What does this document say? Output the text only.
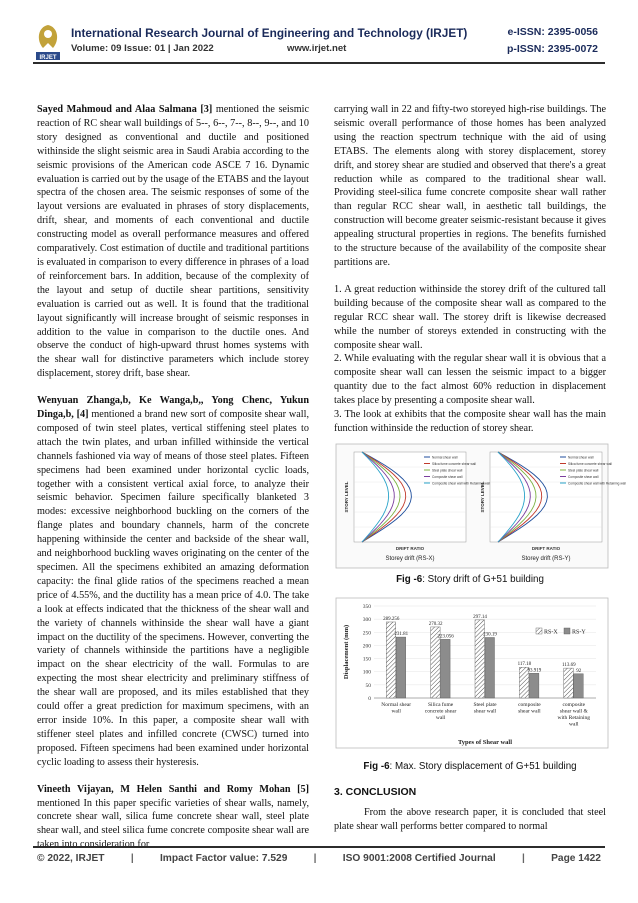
IRJET
International Research Journal of Engineering and Technology (IRJET)	e-ISSN: 2395-0056
Volume: 09 Issue: 01 | Jan 2022	www.irjet.net	p-ISSN: 2395-0072

Sayed Mahmoud and Alaa Salmana [3] mentioned the seismic reaction of RC shear wall buildings of 5--, 6--, 7--, 8--, 9--, and 10 story designed as conventional and ductile and positioned withinside the slight seismic area in Saudi Arabia according to the seismic provisions of the American code ASCE 7 16. Dynamic evaluation is carried out by the usage of the ETABS and the layout spectra of the chosen area. The seismic responses of some of the layout versions are evaluated in phrases of story displacements, drift, shear, and moments of each conventional and ductile constructing model as overall performance measures and offered comparatively. Cost estimation of ductile and traditional partitions is evaluated in comparison to every difference in phrases of a load of reinforcement bars. In addition, because of the complexity of the layout and setup of ductile shear partitions, sensitivity evaluation is carried out as well. It is found that the traditional layout significantly will increase brought of seismic responses in addition to the value in comparison to the ductile ones. And observe the conduct of high-upward thrust homes systems with the shear wall for distinctive parameters which include storey displacement, storey drift, base shear.

Wenyuan Zhanga,b, Ke Wanga,b,, Yong Chenc, Yukun Dinga,b, [4] mentioned a brand new sort of composite shear wall, composed of twin steel plates, vertical stiffening steel plates to attach the twin plates, and urban infilled withinside the vertical channels fashioned via way of means of those steel plates. Fifteen specimens had been examined under horizontal cyclic loads, together with a consistent vertical axial force, to analyze their seismic behavior. Specimen failure specifically blanketed 3 modes: excessive neighborhood buckling on the corners of the flange plates and boundary channels, harm of the concrete happening withinside the center and backside of the shear wall, and neighborhood buckling waves originating on the center of the specimen. All the specimens exhibited an amazing deformation capacity: the final glide ratios of the specimens reached a mean price of 4.55%, and the ductility has a mean price of 4.0. The take a look at effects indicated that the thickness of the shear wall and the variety of channels withinside the shear wall have a giant impact on the ductility of the specimens. However, converting the variety of channels withinside the partitions have a negligible impact on the shear electricity of the wall. Formulas to are expecting the most shear electricity and preliminary stiffness of the shear wall are proposed, and its miles established that they could offer a great prediction for maximum specimens, with an error inside 10%. In this paper, a composite shear wall with stiffener steel plates and infilled concrete (CWSC) turned into proposed. Fifteen specimens had been examined under horizontal cyclic loading to assess their hysteresis.

Vineeth Vijayan, M Helen Santhi and Romy Mohan [5] mentioned In this paper specific varieties of shear walls, namely, concrete shear wall, silica fume concrete shear wall, steel plate shear wall, and steel silica fume concrete composite shear wall are taken into consideration for

carrying wall in 22 and fifty-two storeyed high-rise buildings. The seismic overall performance of those homes has been analyzed using the reaction spectrum technique with the aid of using ETABS. The elements along with storey displacement, storey drift, and storey shear are studied and observed that there's a great reduction while as compared to the traditional shear wall. Providing steel-silica fume concrete composite shear wall rather than regular RCC shear wall, in aesthetic tall buildings, the construction will become greater seismic-resistant because it gives appealing structural properties in regions. The benefits furnished to the structure because of the availability of the composite shear partitions are.

1. A great reduction withinside the storey drift of the cultured tall building because of the composite shear wall as compared to the regular RCC shear wall. The storey drift is likewise decreased while the number of storeys extended in constructing with the composite shear wall.

2. While evaluating with the regular shear wall it is obvious that a composite shear wall can lessen the seismic impact to a bigger quantity due to the fact almost 60% reduction in displacement takes place by presenting a composite shear wall.

3. The look at exhibits that the composite shear wall has the main function withinside the reduction of storey shear.

Normal shear wall
Silica fume concrete shear wall
Steel plate shear wall
Composite shear wall
Composite shear wall with Retaining wall
DRIFT RATIO
STORY LEVEL
Storey drift (RS-X)
Normal shear wall
Silica fume concrete shear wall
Steel plate shear wall
Composite shear wall
Composite shear wall with Retaining wall
DRIFT RATIO
STORY LEVEL
Storey drift (RS-Y)
Fig -6: Story drift of G+51 building
0
50
100
150
200
250
300
350
Displacement (mm)
289.256
231.81
Normal shear
wall
270.32
223.056
Silica fume
concrete shear
wall
297.14
230.19
Steel plate
shear wall
117.18
93.919
composite
shear wall
113.69
92
composite
shear wall &
with Retaining
wall
Types of Shear wall
RS-X RS-Y
Fig -6: Max. Story displacement of G+51 building
3. CONCLUSION
From the above research paper, it is concluded that steel plate shear wall performs better compared to normal
© 2022, IRJET	|	Impact Factor value: 7.529	|	ISO 9001:2008 Certified Journal	|	Page 1422
